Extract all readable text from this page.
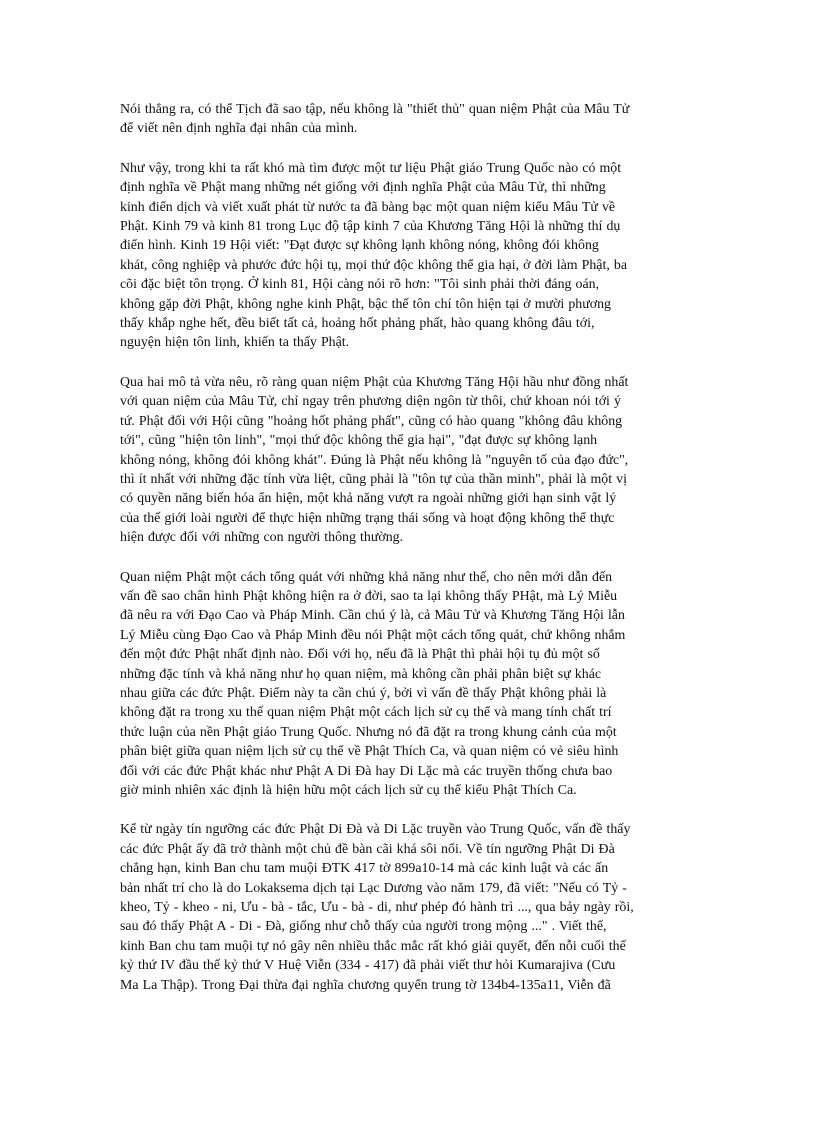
Nói thẳng ra, có thể Tịch đã sao tập, nếu không là "thiết thủ" quan niệm Phật của Mâu Tử
để viết nên định nghĩa đại nhân của mình.

Như vậy, trong khi ta rất khó mà tìm được một tư liệu Phật giáo Trung Quốc nào có một
định nghĩa về Phật mang những nét giống với định nghĩa Phật của Mâu Tử, thì những
kinh điển dịch và viết xuất phát từ nước ta đã bàng bạc một quan niệm kiểu Mâu Tử về
Phật. Kinh 79 và kinh 81 trong Lục độ tập kinh 7 của Khương Tăng Hội là những thí dụ
điển hình. Kinh 19 Hội viết: "Đạt được sự không lạnh không nóng, không đói không
khát, công nghiệp và phước đức hội tụ, mọi thứ độc không thể gia hại, ở đời làm Phật, ba
cõi đặc biệt tôn trọng. Ở kinh 81, Hội càng nói rõ hơn: "Tôi sinh phải thời đáng oán,
không gặp đời Phật, không nghe kinh Phật, bậc thế tôn chí tôn hiện tại ở mười phương
thấy khắp nghe hết, đều biết tất cả, hoảng hốt phảng phất, hào quang không đâu tới,
nguyện hiện tôn linh, khiến ta thấy Phật.

Qua hai mô tả vừa nêu, rõ ràng quan niệm Phật của Khương Tăng Hội hầu như đồng nhất
với quan niệm của Mâu Tử, chỉ ngay trên phương diện ngôn từ thôi, chứ khoan nói tới ý
tứ. Phật đối với Hội cũng "hoảng hốt phảng phất", cũng có hào quang "không đâu không
tới", cũng "hiện tôn linh", "mọi thứ độc không thể gia hại", "đạt được sự không lạnh
không nóng, không đói không khát". Đúng là Phật nếu không là "nguyên tố của đạo đức",
thì ít nhất với những đặc tính vừa liệt, cũng phải là "tôn tự của thần minh", phải là một vị
có quyền năng biến hóa ẩn hiện, một khả năng vượt ra ngoài những giới hạn sinh vật lý
của thế giới loài người để thực hiện những trạng thái sống và hoạt động không thể thực
hiện được đối với những con người thông thường.

Quan niệm Phật một cách tổng quát với những khả năng như thế, cho nên mới dẫn đến
vấn đề sao chân hình Phật không hiện ra ở đời, sao ta lại không thấy PHật, mà Lý Miễu
đã nêu ra với Đạo Cao và Pháp Minh. Cần chú ý là, cả Mâu Tử và Khương Tăng Hội lẫn
Lý Miễu cùng Đạo Cao và Pháp Minh đều nói Phật một cách tổng quát, chứ không nhắm
đến một đức Phật nhất định nào. Đối với họ, nếu đã là Phật thì phải hội tụ đủ một số
những đặc tính và khả năng như họ quan niệm, mà không cần phải phân biệt sự khác
nhau giữa các đức Phật. Điểm này ta cần chú ý, bởi vì vấn đề thấy Phật không phải là
không đặt ra trong xu thế quan niệm Phật một cách lịch sử cụ thể và mang tính chất trí
thức luận của nền Phật giáo Trung Quốc. Nhưng nó đã đặt ra trong khung cảnh của một
phân biệt giữa quan niệm lịch sử cụ thể về Phật Thích Ca, và quan niệm có vẻ siêu hình
đối với các đức Phật khác như Phật A Di Đà hay Di Lặc mà các truyền thống chưa bao
giờ minh nhiên xác định là hiện hữu một cách lịch sử cụ thể kiểu Phật Thích Ca.

Kể từ ngày tín ngưỡng các đức Phật Di Đà và Di Lặc truyền vào Trung Quốc, vấn đề thấy
các đức Phật ấy đã trở thành một chủ đề bàn cãi khá sôi nổi. Về tín ngưỡng Phật Di Đà
chẳng hạn, kinh Ban chu tam muội ĐTK 417 tờ 899a10-14 mà các kinh luật và các ấn
bản nhất trí cho là do Lokaksema dịch tại Lạc Dương vào năm 179, đã viết: "Nếu có Tỷ -
kheo, Tỷ - kheo - ni, Ưu - bà - tắc, Ưu - bà - di, như phép đó hành trì ..., qua bảy ngày rồi,
sau đó thấy Phật A - Di - Đà, giống như chỗ thấy của người trong mộng ..." . Viết thế,
kinh Ban chu tam muội tự nó gây nên nhiều thắc mắc rất khó giải quyết, đến nỗi cuối thế
kỷ thứ IV đầu thế kỷ thứ V Huệ Viễn (334 - 417) đã phải viết thư hỏi Kumarajiva (Cưu
Ma La Thập). Trong Đại thừa đại nghĩa chương quyển trung tờ 134b4-135a11, Viễn đã
